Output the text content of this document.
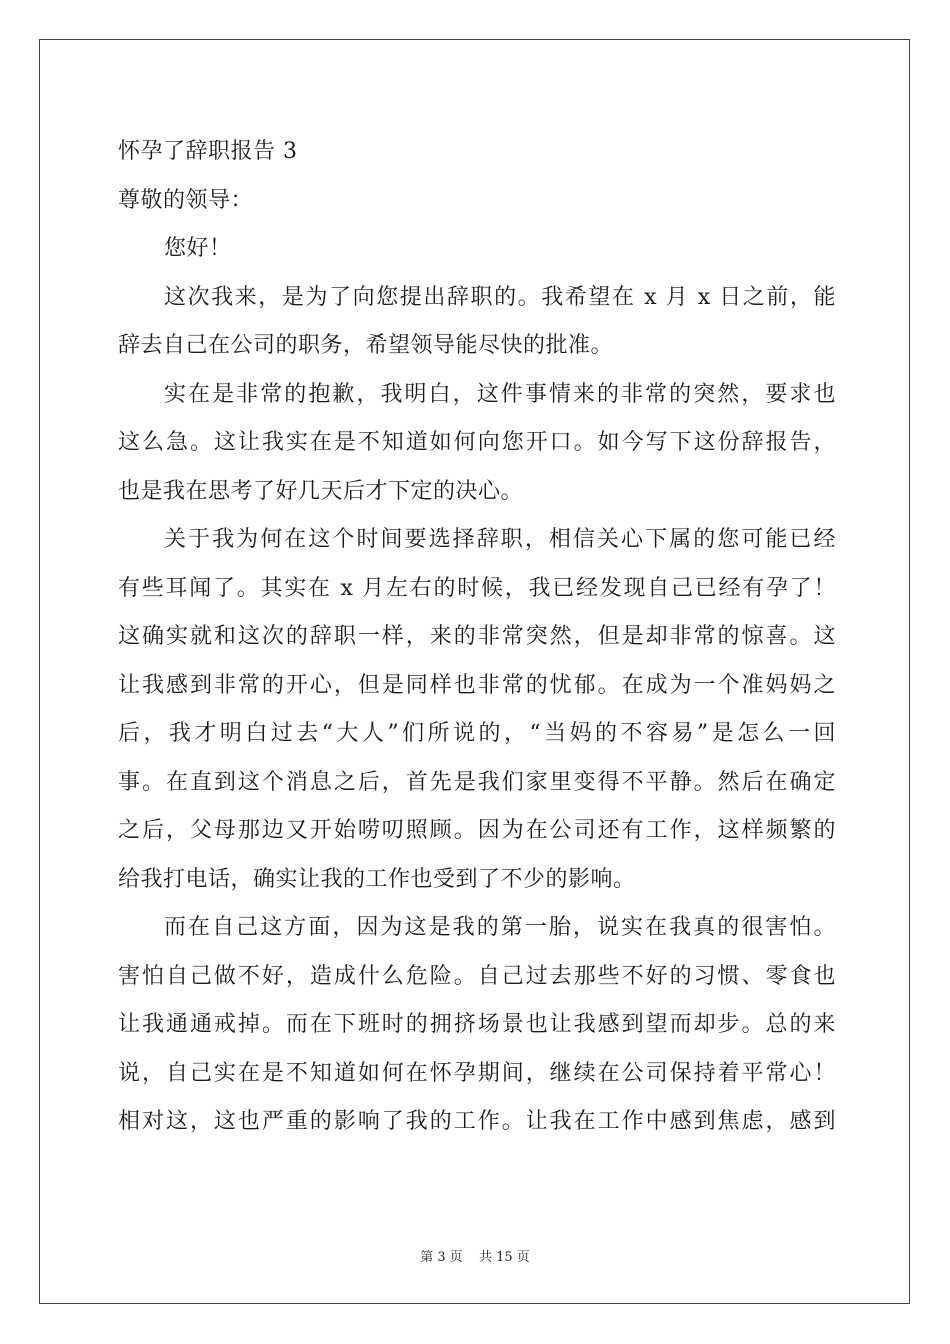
怀孕了辞职报告 3
尊敬的领导：
您好！
这次我来，是为了向您提出辞职的。我希望在 x 月 x 日之前，能
辞去自己在公司的职务，希望领导能尽快的批准。
实在是非常的抱歉，我明白，这件事情来的非常的突然，要求也
这么急。这让我实在是不知道如何向您开口。如今写下这份辞报告，
也是我在思考了好几天后才下定的决心。
关于我为何在这个时间要选择辞职，相信关心下属的您可能已经
有些耳闻了。其实在 x 月左右的时候，我已经发现自己已经有孕了！
这确实就和这次的辞职一样，来的非常突然，但是却非常的惊喜。这
让我感到非常的开心，但是同样也非常的忧郁。在成为一个准妈妈之
后，我才明白过去“大人”们所说的，“当妈的不容易”是怎么一回
事。在直到这个消息之后，首先是我们家里变得不平静。然后在确定
之后，父母那边又开始唠叨照顾。因为在公司还有工作，这样频繁的
给我打电话，确实让我的工作也受到了不少的影响。
而在自己这方面，因为这是我的第一胎，说实在我真的很害怕。
害怕自己做不好，造成什么危险。自己过去那些不好的习惯、零食也
让我通通戒掉。而在下班时的拥挤场景也让我感到望而却步。总的来
说，自己实在是不知道如何在怀孕期间，继续在公司保持着平常心！
相对这，这也严重的影响了我的工作。让我在工作中感到焦虑，感到
第 3 页 共 15 页
